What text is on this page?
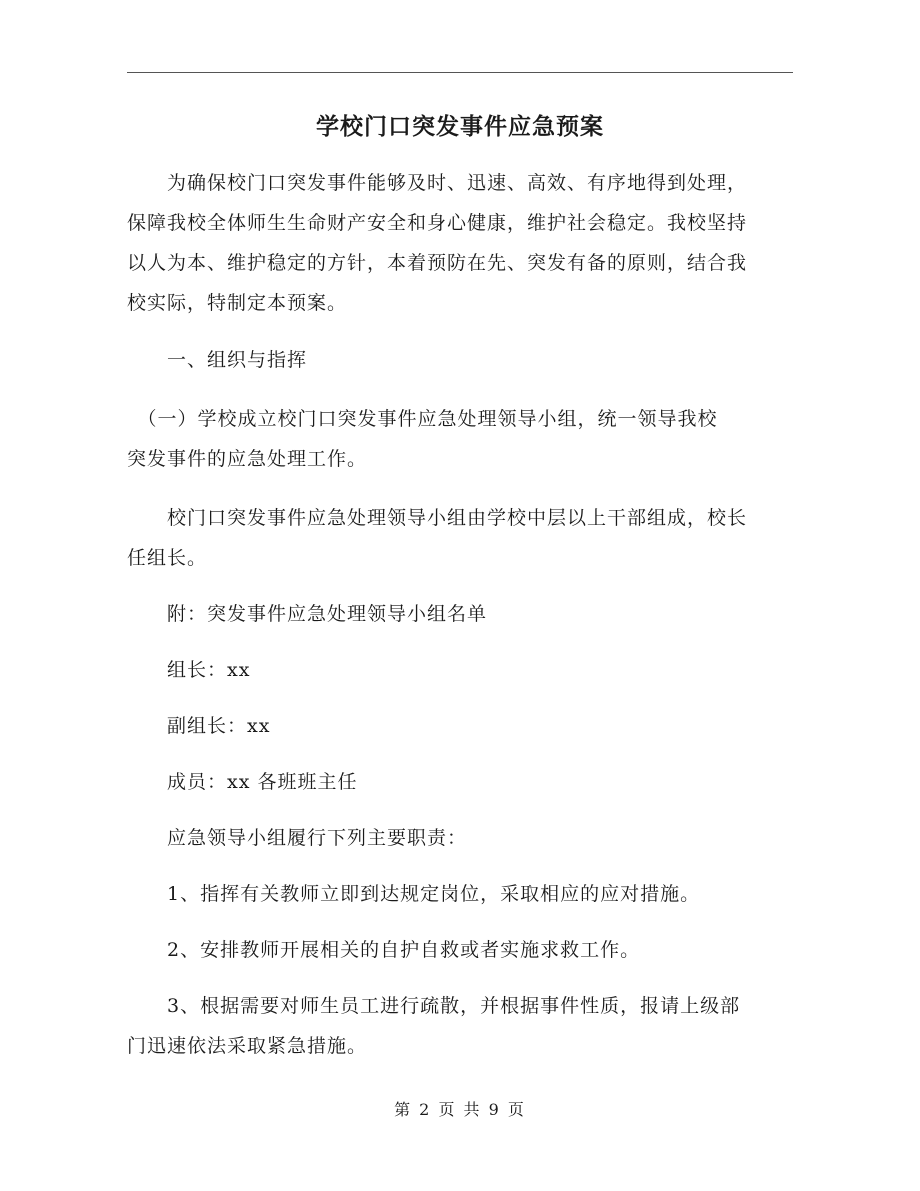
学校门口突发事件应急预案

　　为确保校门口突发事件能够及时、迅速、高效、有序地得到处理，
保障我校全体师生生命财产安全和身心健康，维护社会稳定。我校坚持
以人为本、维护稳定的方针，本着预防在先、突发有备的原则，结合我
校实际，特制定本预案。

　　一、组织与指挥

　（一）学校成立校门口突发事件应急处理领导小组，统一领导我校
突发事件的应急处理工作。

　　校门口突发事件应急处理领导小组由学校中层以上干部组成，校长
任组长。

　　附：突发事件应急处理领导小组名单

　　组长：xx

　　副组长：xx

　　成员：xx 各班班主任

　　应急领导小组履行下列主要职责：

　　1、指挥有关教师立即到达规定岗位，采取相应的应对措施。

　　2、安排教师开展相关的自护自救或者实施求救工作。

　　3、根据需要对师生员工进行疏散，并根据事件性质，报请上级部
门迅速依法采取紧急措施。

第 2 页 共 9 页
